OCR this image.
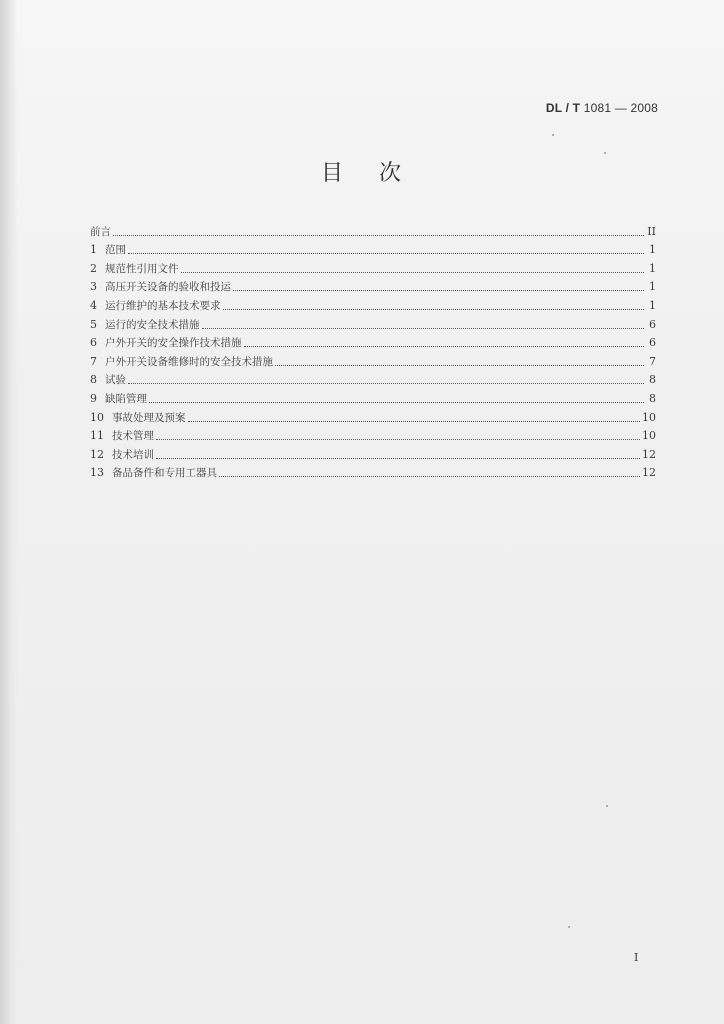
DL / T 1081 — 2008
目 次
前言	II
1 范围	1
2 规范性引用文件	1
3 高压开关设备的验收和投运	1
4 运行维护的基本技术要求	1
5 运行的安全技术措施	6
6 户外开关的安全操作技术措施	6
7 户外开关设备维修时的安全技术措施	7
8 试验	8
9 缺陷管理	8
10 事故处理及预案	10
11 技术管理	10
12 技术培训	12
13 备品备件和专用工器具	12
I
